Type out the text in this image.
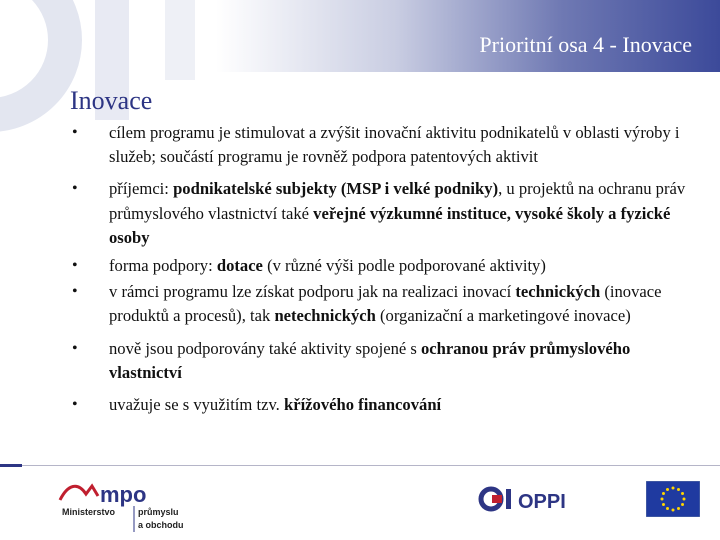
Prioritní osa 4 - Inovace
Inovace
• cílem programu je stimulovat a zvýšit inovační aktivitu podnikatelů v oblasti výroby i služeb; součástí programu je rovněž podpora patentových aktivit
• příjemci: podnikatelské subjekty (MSP i velké podniky), u projektů na ochranu práv průmyslového vlastnictví také veřejné výzkumné instituce, vysoké školy a fyzické osoby
• forma podpory: dotace (v různé výši podle podporované aktivity)
• v rámci programu lze získat podporu jak na realizaci inovací technických (inovace produktů a procesů), tak netechnických (organizační a marketingové inovace)
• nově jsou podporovány také aktivity spojené s ochranou práv průmyslového vlastnictví
• uvažuje se s využitím tzv. křížového financování
mpo
Ministerstvo	průmyslu
a obchodu
OPPI
